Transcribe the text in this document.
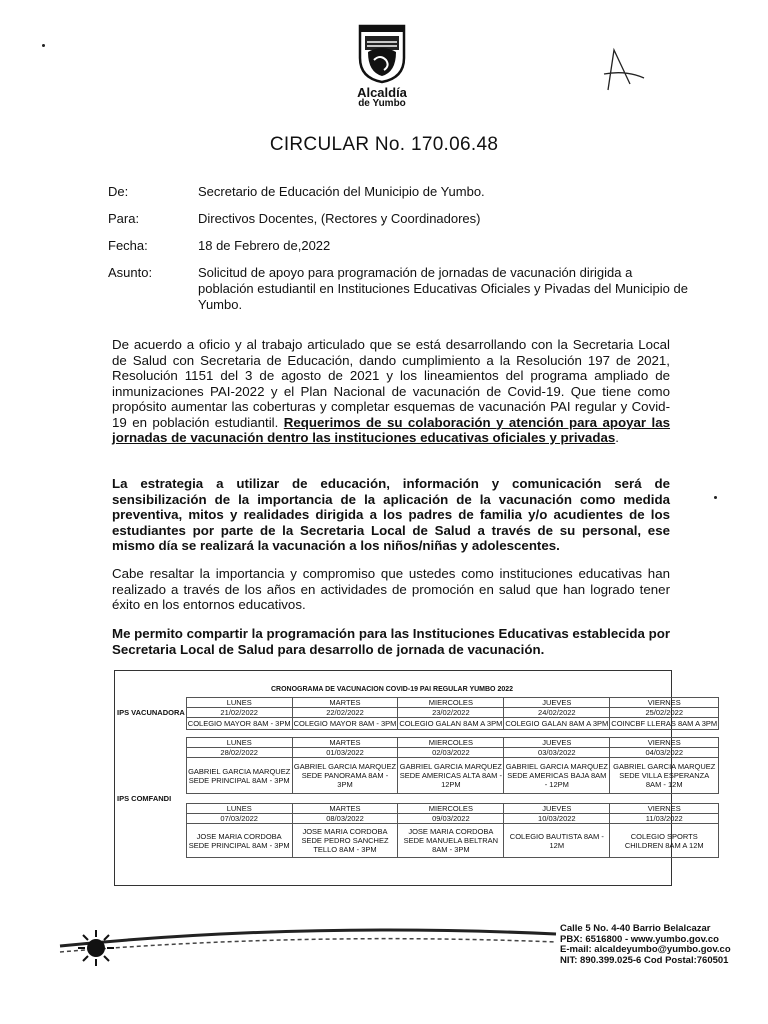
Alcaldía
de Yumbo
CIRCULAR No. 170.06.48
De:	Secretario de Educación del Municipio de Yumbo.
Para:	Directivos Docentes, (Rectores y Coordinadores)
Fecha:	18 de Febrero de,2022
Asunto:	Solicitud de apoyo para programación de jornadas de vacunación dirigida a población estudiantil en Instituciones Educativas Oficiales y Pivadas del Municipio de Yumbo.
De acuerdo a oficio y al trabajo articulado que se está desarrollando con la Secretaria Local de Salud con Secretaria de Educación, dando cumplimiento a la Resolución 197 de 2021, Resolución 1151 del 3 de agosto de 2021 y los lineamientos del programa ampliado de inmunizaciones PAI-2022 y el Plan Nacional de vacunación de Covid-19. Que tiene como propósito aumentar las coberturas y completar esquemas de vacunación PAI regular y Covid-19 en población estudiantil. Requerimos de su colaboración y atención para apoyar las jornadas de vacunación dentro las instituciones educativas oficiales y privadas.
La estrategia a utilizar de educación, información y comunicación será de sensibilización de la importancia de la aplicación de la vacunación como medida preventiva, mitos y realidades dirigida a los padres de familia y/o acudientes de los estudiantes por parte de la Secretaria Local de Salud a través de su personal, ese mismo día se realizará la vacunación a los niños/niñas y adolescentes.
Cabe resaltar la importancia y compromiso que ustedes como instituciones educativas han realizado a través de los años en actividades de promoción en salud que han logrado tener éxito en los entornos educativos.
Me permito compartir la programación para las Instituciones Educativas establecida por Secretaria Local de Salud para desarrollo de jornada de vacunación.
CRONOGRAMA DE VACUNACION COVID-19 PAI REGULAR YUMBO 2022
	LUNES	MARTES	MIERCOLES	JUEVES	VIERNES
IPS VACUNADORA	21/02/2022	22/02/2022	23/02/2022	24/02/2022	25/02/2022
	COLEGIO MAYOR 8AM - 3PM	COLEGIO MAYOR 8AM - 3PM	COLEGIO GALAN 8AM A 3PM	COLEGIO GALAN 8AM A 3PM	COINCBF LLERAS 8AM A 3PM

	LUNES	MARTES	MIERCOLES	JUEVES	VIERNES
	28/02/2022	01/03/2022	02/03/2022	03/03/2022	04/03/2022
	GABRIEL GARCIA MARQUEZ SEDE PRINCIPAL 8AM - 3PM	GABRIEL GARCIA MARQUEZ SEDE PANORAMA 8AM - 3PM	GABRIEL GARCIA MARQUEZ SEDE AMERICAS ALTA 8AM - 12PM	GABRIEL GARCIA MARQUEZ SEDE AMERICAS BAJA 8AM - 12PM	GABRIEL GARCIA MARQUEZ SEDE VILLA ESPERANZA 8AM - 12M
IPS COMFANDI					
	LUNES	MARTES	MIERCOLES	JUEVES	VIERNES
	07/03/2022	08/03/2022	09/03/2022	10/03/2022	11/03/2022
	JOSE MARIA CORDOBA SEDE PRINCIPAL 8AM - 3PM	JOSE MARIA CORDOBA SEDE PEDRO SANCHEZ TELLO 8AM - 3PM	JOSE MARIA CORDOBA SEDE MANUELA BELTRAN 8AM - 3PM	COLEGIO BAUTISTA 8AM - 12M	COLEGIO SPORTS CHILDREN 8AM A 12M
Calle 5 No. 4-40 Barrio Belalcazar
PBX: 6516800 - www.yumbo.gov.co
E-mail: alcaldeyumbo@yumbo.gov.co
NIT: 890.399.025-6 Cod Postal:760501
